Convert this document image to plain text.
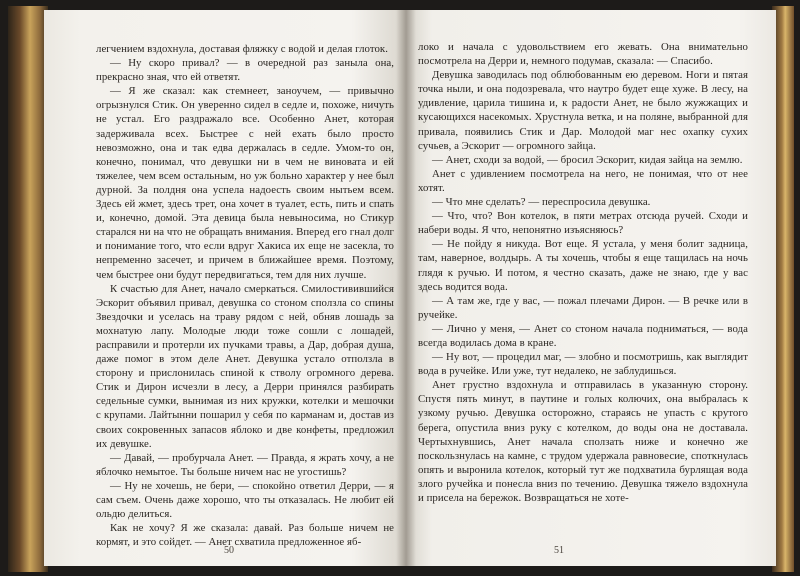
легчением вздохнула, доставая фляжку с водой и делая глоток.

— Ну скоро привал? — в очередной раз заныла она, прекрасно зная, что ей ответят.

— Я же сказал: как стемнеет, заноучем, — привычно огрызнулся Стик. Он уверенно сидел в седле и, похоже, ничуть не устал. Его раздражало все. Особенно Анет, которая задерживала всех. Быстрее с ней ехать было просто невозможно, она и так едва держалась в седле. Умом-то он, конечно, понимал, что девушки ни в чем не виновата и ей тяжелее, чем всем остальным, но уж больно характер у нее был дурной. За полдня она успела надоесть своим нытьем всем. Здесь ей жмет, здесь трет, она хочет в туалет, есть, пить и спать и, конечно, домой. Эта девица была невыносима, но Стикур старался ни на что не обращать внимания. Вперед его гнал долг и понимание того, что если вдруг Хакиса их еще не засекла, то непременно засечет, и причем в ближайшее время. Поэтому, чем быстрее они будут передвигаться, тем для них лучше.

К счастью для Анет, начало смеркаться. Смилостивившийся Эскорит объявил привал, девушка со стоном сползла со спины Звездочки и уселась на траву рядом с ней, обняв лошадь за мохнатую лапу. Молодые люди тоже сошли с лошадей, расправили и протерли их пучками травы, а Дар, добрая душа, даже помог в этом деле Анет. Девушка устало отползла в сторону и прислонилась спиной к стволу огромного дерева. Стик и Дирон исчезли в лесу, а Дерри принялся разбирать седельные сумки, вынимая из них кружки, котелки и мешочки с крупами. Лайтынни пошарил у себя по карманам и, достав из своих сокровенных запасов яблоко и две конфеты, предложил их девушке.

— Давай, — пробурчала Анет. — Правда, я жрать хочу, а не яблочко немытое. Ты больше ничем нас не угостишь?

— Ну не хочешь, не бери, — спокойно ответил Дерри, — я сам съем. Очень даже хорошо, что ты отказалась. Не любит ей ольдю делиться.

Как не хочу? Я же сказала: давай. Раз больше ничем не кормят, и это сойдет. — Анет схватила предложенное яб-

50

локо и начала с удовольствием его жевать. Она внимательно посмотрела на Дерри и, немного подумав, сказала: — Спасибо.

Девушка заводилась под облюбованным ею деревом. Ноги и пятая точка ныли, и она подозревала, что наутро будет еще хуже. В лесу, на удивление, царила тишина и, к радости Анет, не было жужжащих и кусающихся насекомых. Хрустнула ветка, и на поляне, выбранной для привала, появились Стик и Дар. Молодой маг нес охапку сухих сучьев, а Эскорит — огромного зайца.

— Анет, сходи за водой, — бросил Эскорит, кидая зайца на землю.

Анет с удивлением посмотрела на него, не понимая, что от нее хотят.

— Что мне сделать? — переспросила девушка.

— Что, что? Вон котелок, в пяти метрах отсюда ручей. Сходи и набери воды. Я что, непонятно изъясняюсь?

— Не пойду я никуда. Вот еще. Я устала, у меня болит задница, там, наверное, волдырь. А ты хочешь, чтобы я еще тащилась на ночь глядя к ручью. И потом, я честно сказать, даже не знаю, где у вас здесь водится вода.

— А там же, где у вас, — пожал плечами Дирон. — В речке или в ручейке.

— Лично у меня, — Анет со стоном начала подниматься, — вода всегда водилась дома в кране.

— Ну вот, — процедил маг, — злобно и посмотришь, как выглядит вода в ручейке. Или уже, тут недалеко, не заблудишься.

Анет грустно вздохнула и отправилась в указанную сторону. Спустя пять минут, в паутине и голых колючих, она выбралась к узкому ручью. Девушка осторожно, стараясь не упасть с крутого берега, опустила вниз руку с котелком, до воды она не доставала. Чертыхнувшись, Анет начала сползать ниже и конечно же поскользнулась на камне, с трудом удержала равновесие, споткнулась опять и выронила котелок, который тут же подхватила бурлящая вода злого ручейка и понесла вниз по течению. Девушка тяжело вздохнула и присела на бережок. Возвращаться не хоте-

51
